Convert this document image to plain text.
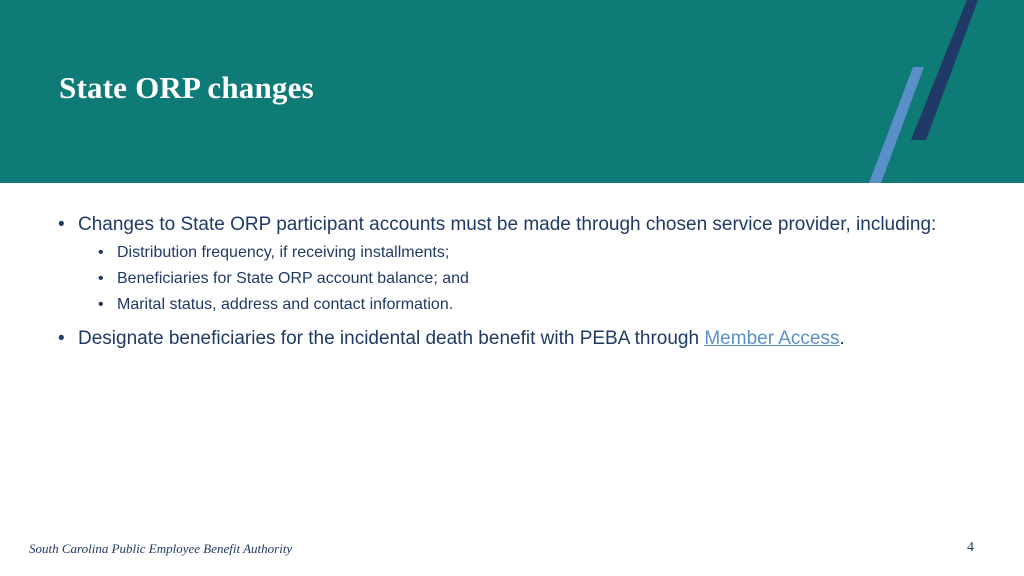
State ORP changes
• Changes to State ORP participant accounts must be made through chosen service provider, including:
• Distribution frequency, if receiving installments;
• Beneficiaries for State ORP account balance; and
• Marital status, address and contact information.
• Designate beneficiaries for the incidental death benefit with PEBA through Member Access.

South Carolina Public Employee Benefit Authority	4
